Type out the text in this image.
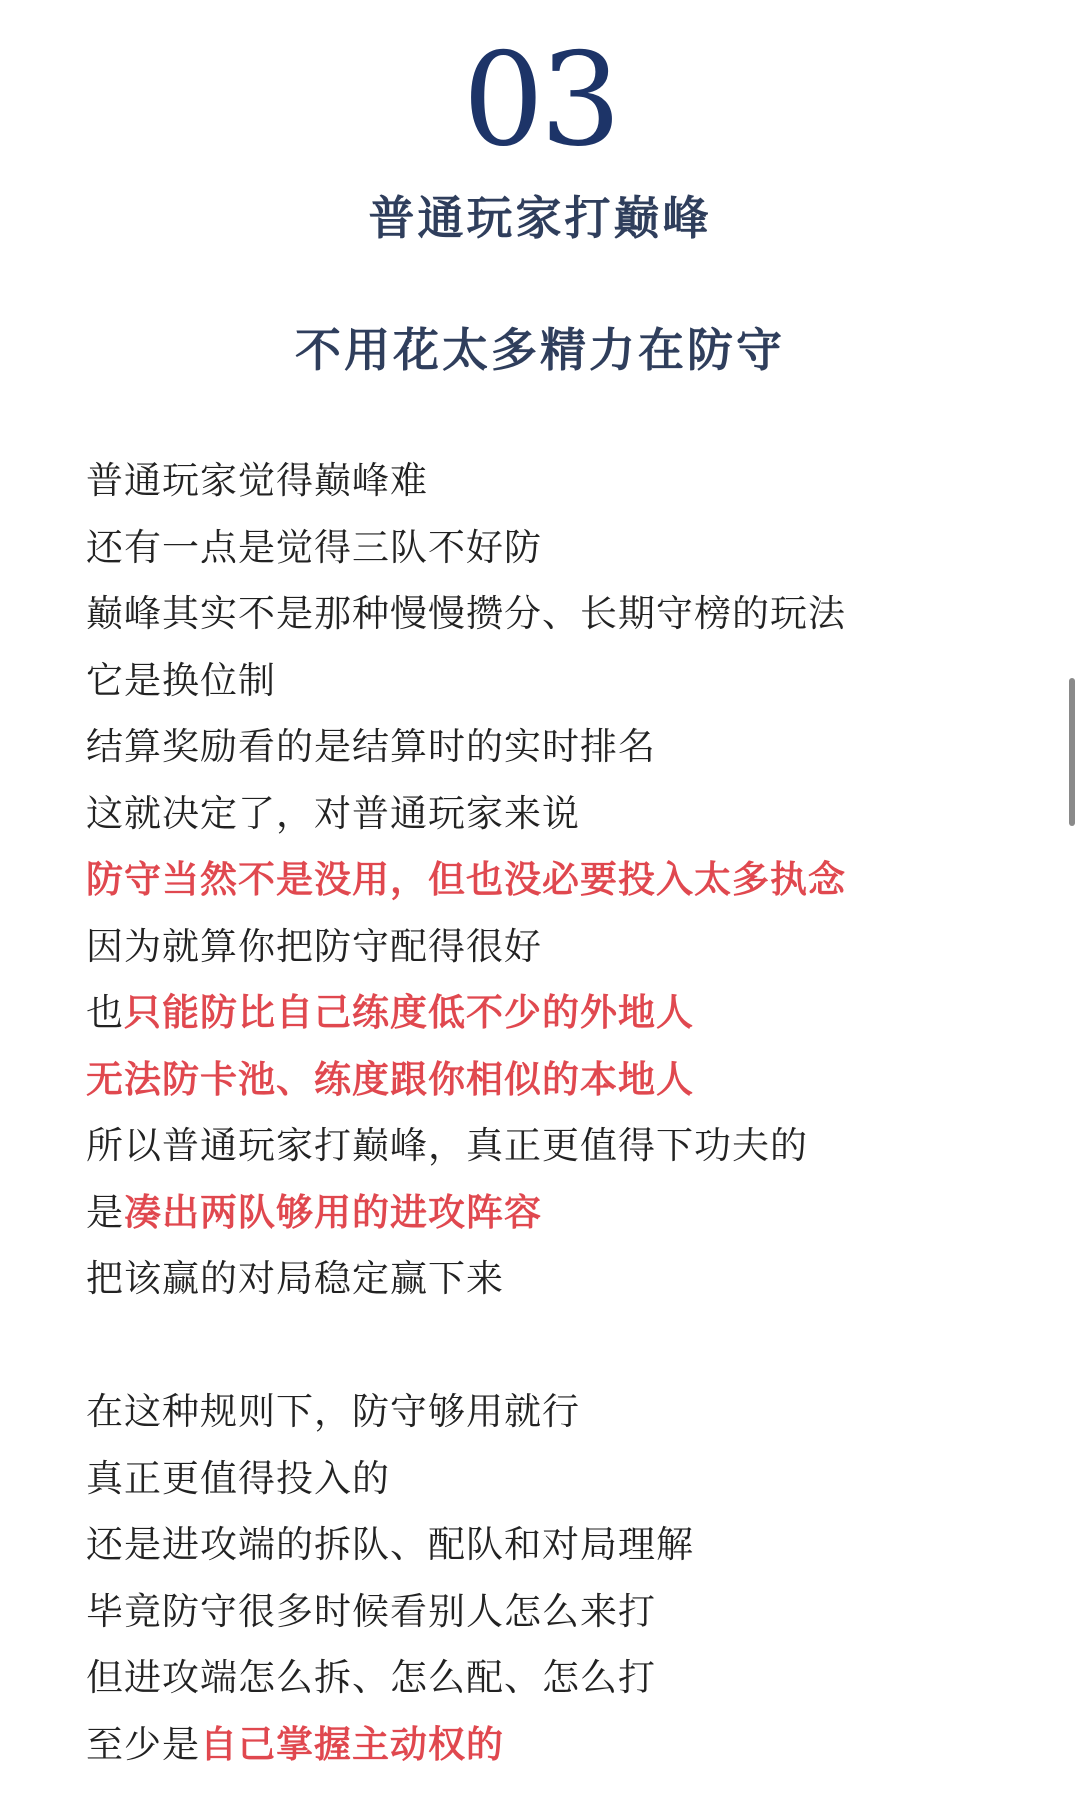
03
普通玩家打巅峰
不用花太多精力在防守
普通玩家觉得巅峰难
还有一点是觉得三队不好防
巅峰其实不是那种慢慢攒分、长期守榜的玩法
它是换位制
结算奖励看的是结算时的实时排名
这就决定了，对普通玩家来说
防守当然不是没用，但也没必要投入太多执念
因为就算你把防守配得很好
也只能防比自己练度低不少的外地人
无法防卡池、练度跟你相似的本地人
所以普通玩家打巅峰，真正更值得下功夫的
是凑出两队够用的进攻阵容
把该赢的对局稳定赢下来
在这种规则下，防守够用就行
真正更值得投入的
还是进攻端的拆队、配队和对局理解
毕竟防守很多时候看别人怎么来打
但进攻端怎么拆、怎么配、怎么打
至少是自己掌握主动权的
